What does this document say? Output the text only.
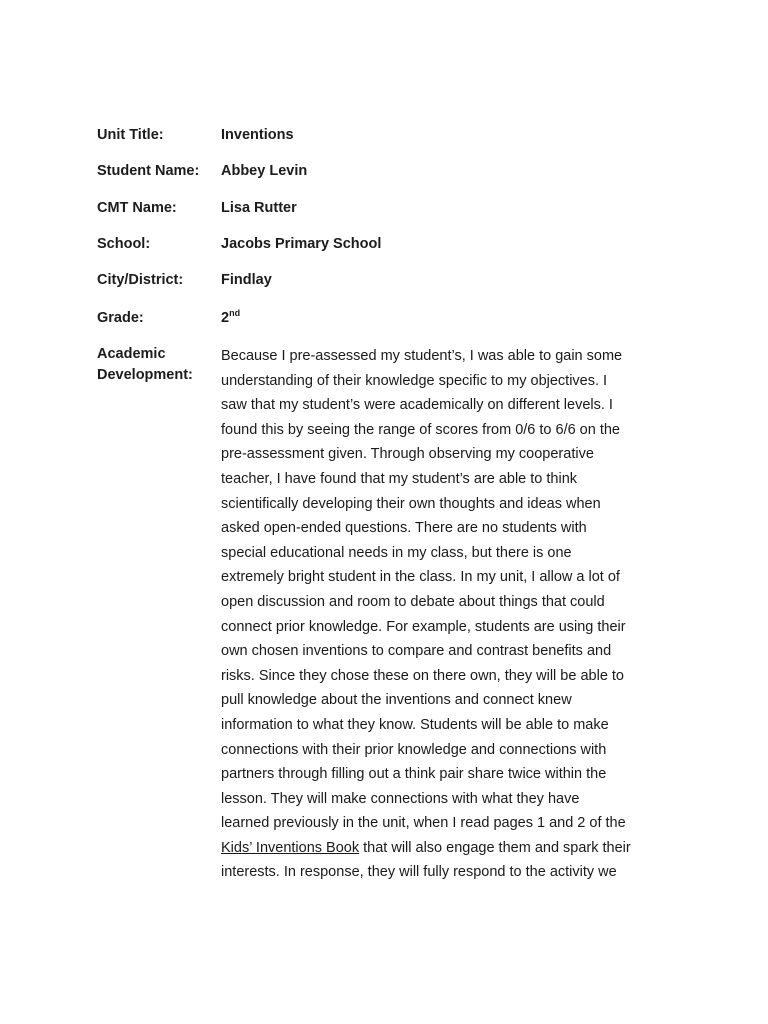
Unit Title:	Inventions
Student Name:	Abbey Levin
CMT Name:	Lisa Rutter
School:	Jacobs Primary School
City/District:	Findlay
Grade:	2nd
Academic
Development:
Because I pre-assessed my student’s, I was able to gain some
understanding of their knowledge specific to my objectives. I
saw that my student’s were academically on different levels. I
found this by seeing the range of scores from 0/6 to 6/6 on the
pre-assessment given. Through observing my cooperative
teacher, I have found that my student’s are able to think
scientifically developing their own thoughts and ideas when
asked open-ended questions. There are no students with
special educational needs in my class, but there is one
extremely bright student in the class. In my unit, I allow a lot of
open discussion and room to debate about things that could
connect prior knowledge. For example, students are using their
own chosen inventions to compare and contrast benefits and
risks. Since they chose these on there own, they will be able to
pull knowledge about the inventions and connect knew
information to what they know. Students will be able to make
connections with their prior knowledge and connections with
partners through filling out a think pair share twice within the
lesson. They will make connections with what they have
learned previously in the unit, when I read pages 1 and 2 of the
Kids’ Inventions Book that will also engage them and spark their
interests. In response, they will fully respond to the activity we
